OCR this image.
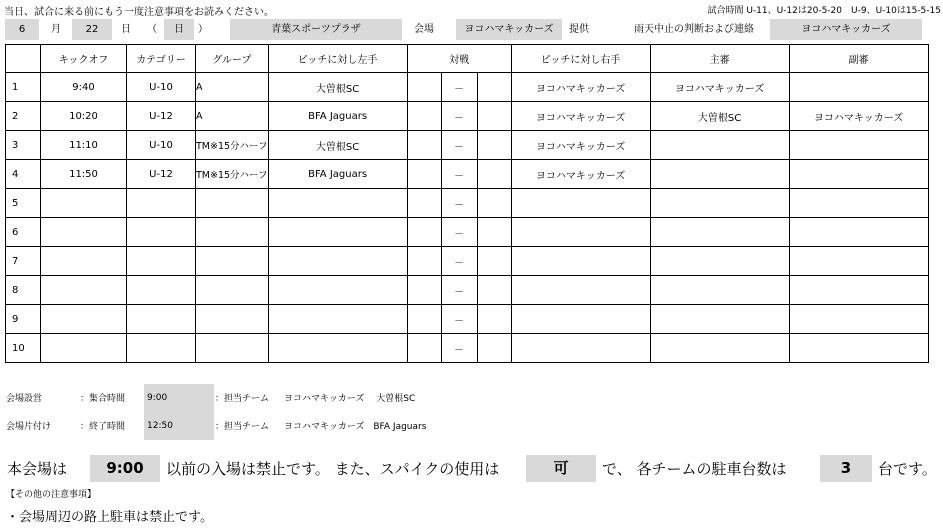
当日、試合に来る前にもう一度注意事項をお読みください。	試合時間 U-11、U-12は20-5-20　U-9、U-10は15-5-15
6	月	22	日	（	日	）	青葉スポーツプラザ	会場	ヨコハマキッカーズ	提供	雨天中止の判断および連絡	ヨコハマキッカーズ
	キックオフ	カテゴリー	グループ	ピッチに対し左手	対戦			ピッチに対し右手	主審	副審
1	9:40	U-10	A	大曽根SC		－		ヨコハマキッカーズ	ヨコハマキッカーズ	
2	10:20	U-12	A	BFA Jaguars		－		ヨコハマキッカーズ	大曽根SC	ヨコハマキッカーズ
3	11:10	U-10	TM※15分ハーフ	大曽根SC		－		ヨコハマキッカーズ		
4	11:50	U-12	TM※15分ハーフ	BFA Jaguars		－		ヨコハマキッカーズ		
5						－				
6						－				
7						－				
8						－				
9						－				
10						－				
会場設営	：集合時間	9:00	：担当チーム ヨコハマキッカーズ　 大曽根SC
会場片付け	：終了時間	12:50	：担当チーム ヨコハマキッカーズ　BFA Jaguars
本会場は	9:00	以前の入場は禁止です。 また、スパイクの使用は	可	で、 各チームの駐車台数は	3	台です。
【その他の注意事項】
・会場周辺の路上駐車は禁止です。
